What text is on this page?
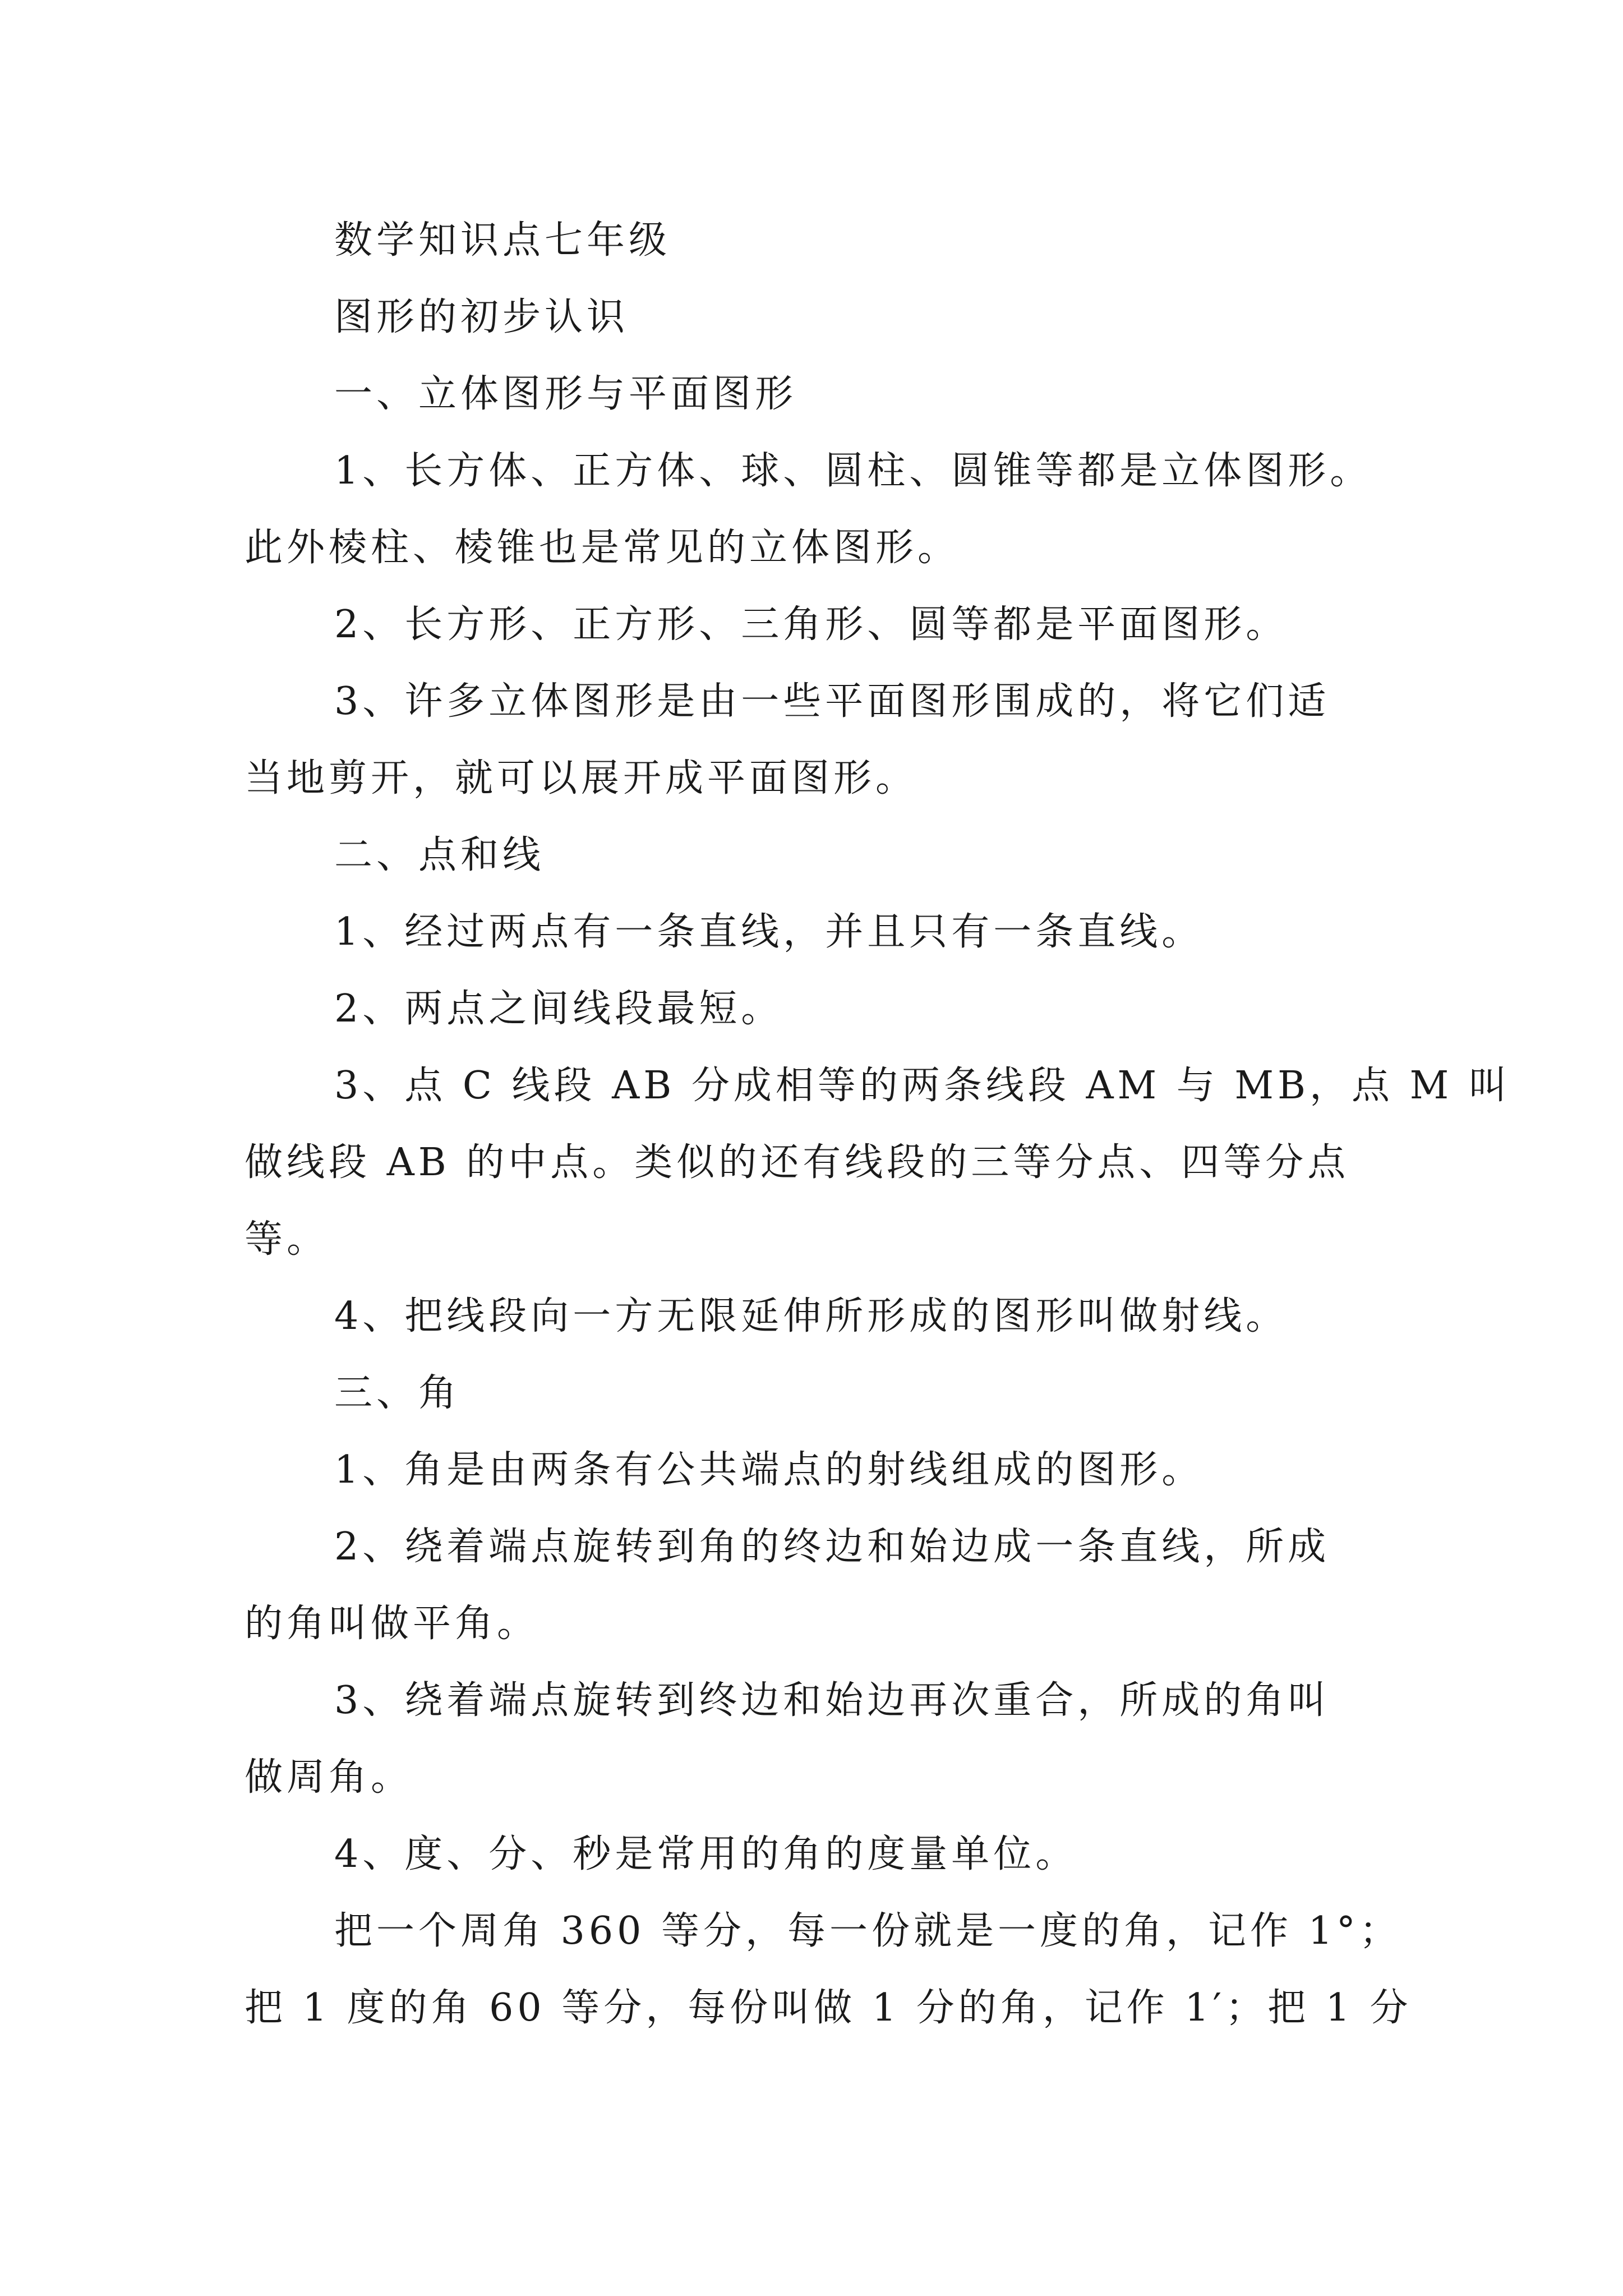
数学知识点七年级
图形的初步认识
一、立体图形与平面图形
1、长方体、正方体、球、圆柱、圆锥等都是立体图形。
此外棱柱、棱锥也是常见的立体图形。
2、长方形、正方形、三角形、圆等都是平面图形。
3、许多立体图形是由一些平面图形围成的，将它们适
当地剪开，就可以展开成平面图形。
二、点和线
1、经过两点有一条直线，并且只有一条直线。
2、两点之间线段最短。
3、点 C 线段 AB 分成相等的两条线段 AM 与 MB，点 M 叫
做线段 AB 的中点。类似的还有线段的三等分点、四等分点
等。
4、把线段向一方无限延伸所形成的图形叫做射线。
三、角
1、角是由两条有公共端点的射线组成的图形。
2、绕着端点旋转到角的终边和始边成一条直线，所成
的角叫做平角。
3、绕着端点旋转到终边和始边再次重合，所成的角叫
做周角。
4、度、分、秒是常用的角的度量单位。
把一个周角 360 等分，每一份就是一度的角，记作 1°；
把 1 度的角 60 等分，每份叫做 1 分的角，记作 1′；把 1 分
